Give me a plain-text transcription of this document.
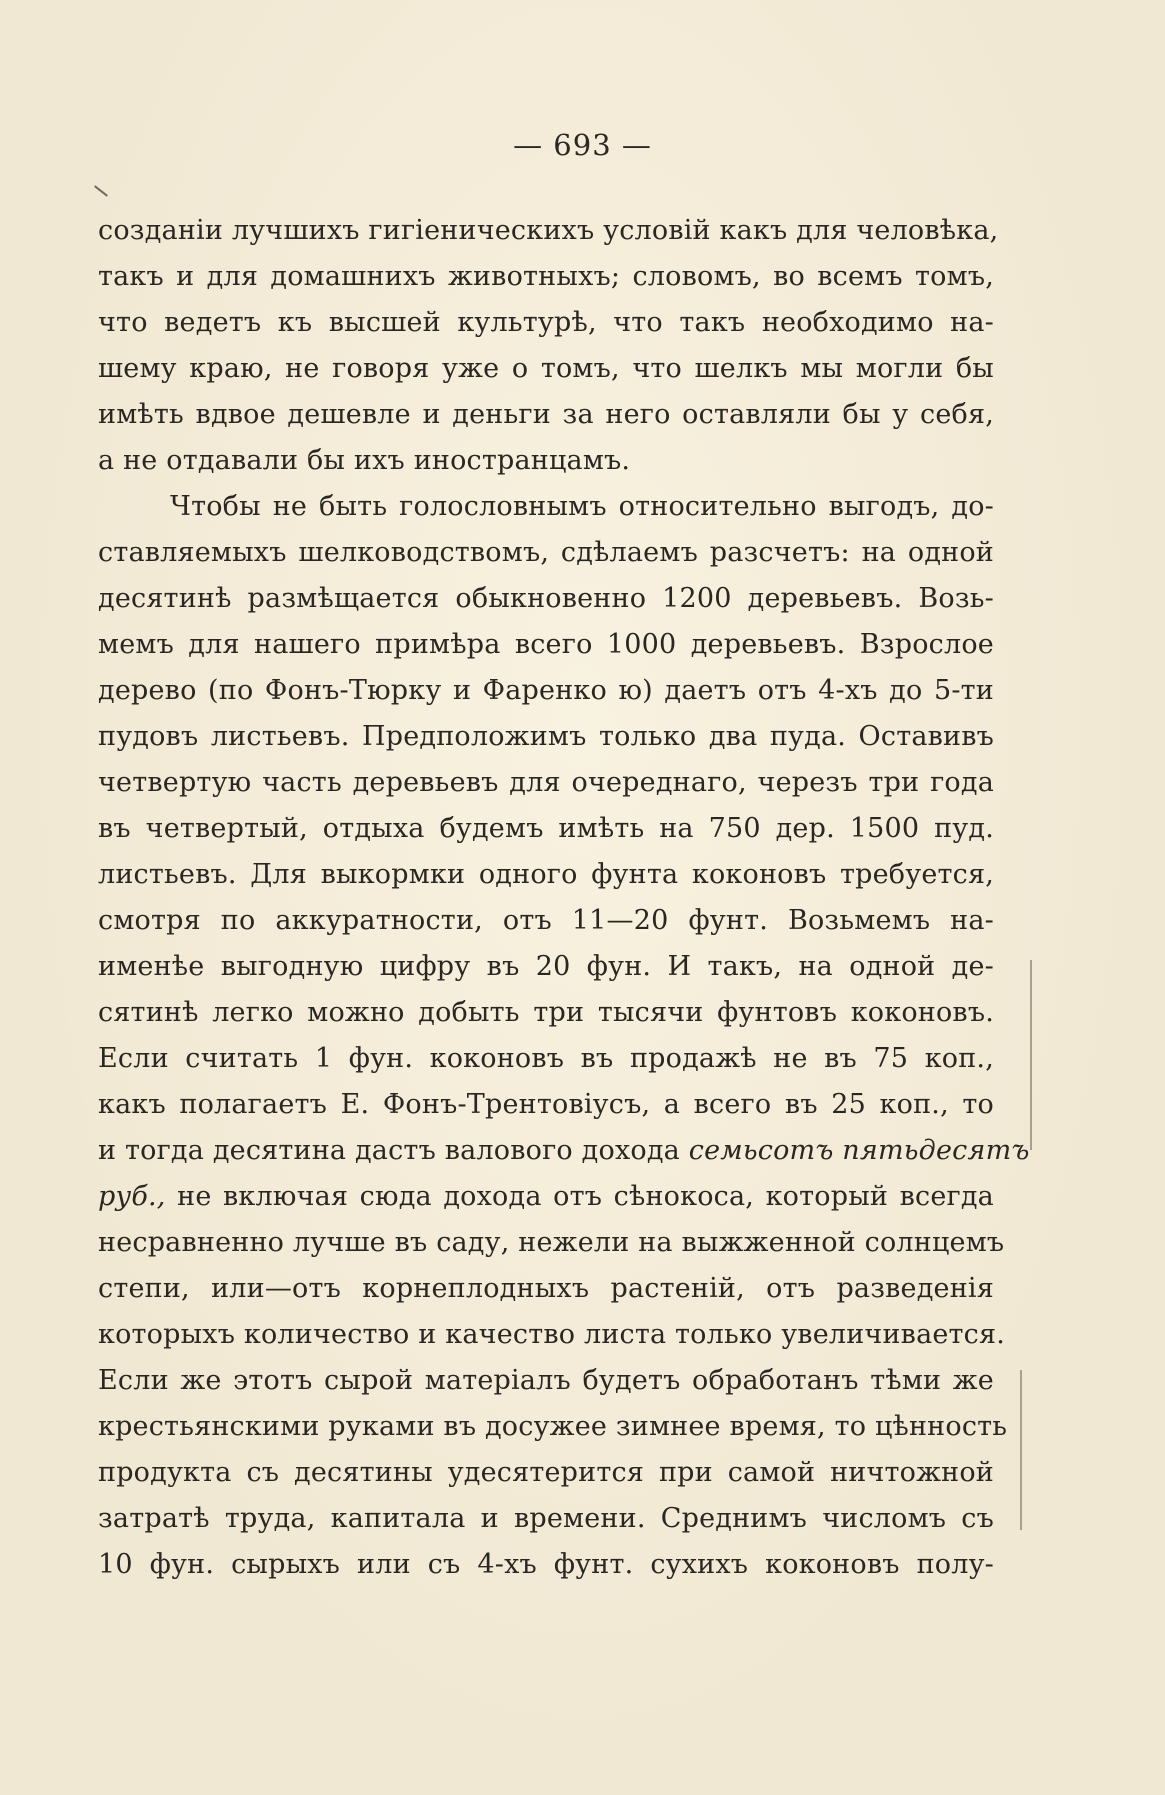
— 693 —
созданіи лучшихъ гигіеническихъ условій какъ для человѣка,
такъ и для домашнихъ животныхъ; словомъ, во всемъ томъ,
что ведетъ къ высшей культурѣ, что такъ необходимо на-
шему краю, не говоря уже о томъ, что шелкъ мы могли бы
имѣть вдвое дешевле и деньги за него оставляли бы у себя,
а не отдавали бы ихъ иностранцамъ.
Чтобы не быть голословнымъ относительно выгодъ, до-
ставляемыхъ шелководствомъ, сдѣлаемъ разсчетъ: на одной
десятинѣ размѣщается обыкновенно 1200 деревьевъ. Возь-
мемъ для нашего примѣра всего 1000 деревьевъ. Взрослое
дерево (по Фонъ-Тюрку и Фаренко ю) даетъ отъ 4-хъ до 5-ти
пудовъ листьевъ. Предположимъ только два пуда. Оставивъ
четвертую часть деревьевъ для очереднаго, черезъ три года
въ четвертый, отдыха будемъ имѣть на 750 дер. 1500 пуд.
листьевъ. Для выкормки одного фунта коконовъ требуется,
смотря по аккуратности, отъ 11—20 фунт. Возьмемъ на-
именѣе выгодную цифру въ 20 фун. И такъ, на одной де-
сятинѣ легко можно добыть три тысячи фунтовъ коконовъ.
Если считать 1 фун. коконовъ въ продажѣ не въ 75 коп.,
какъ полагаетъ Е. Фонъ-Трентовіусъ, а всего въ 25 коп., то
и тогда десятина дастъ валового дохода семьсотъ пятьдесятъ
руб., не включая сюда дохода отъ сѣнокоса, который всегда
несравненно лучше въ саду, нежели на выжженной солнцемъ
степи, или—отъ корнеплодныхъ растеній, отъ разведенія
которыхъ количество и качество листа только увеличивается.
Если же этотъ сырой матеріалъ будетъ обработанъ тѣми же
крестьянскими руками въ досужее зимнее время, то цѣнность
продукта съ десятины удесятерится при самой ничтожной
затратѣ труда, капитала и времени. Среднимъ числомъ съ
10 фун. сырыхъ или съ 4-хъ фунт. сухихъ коконовъ полу-
